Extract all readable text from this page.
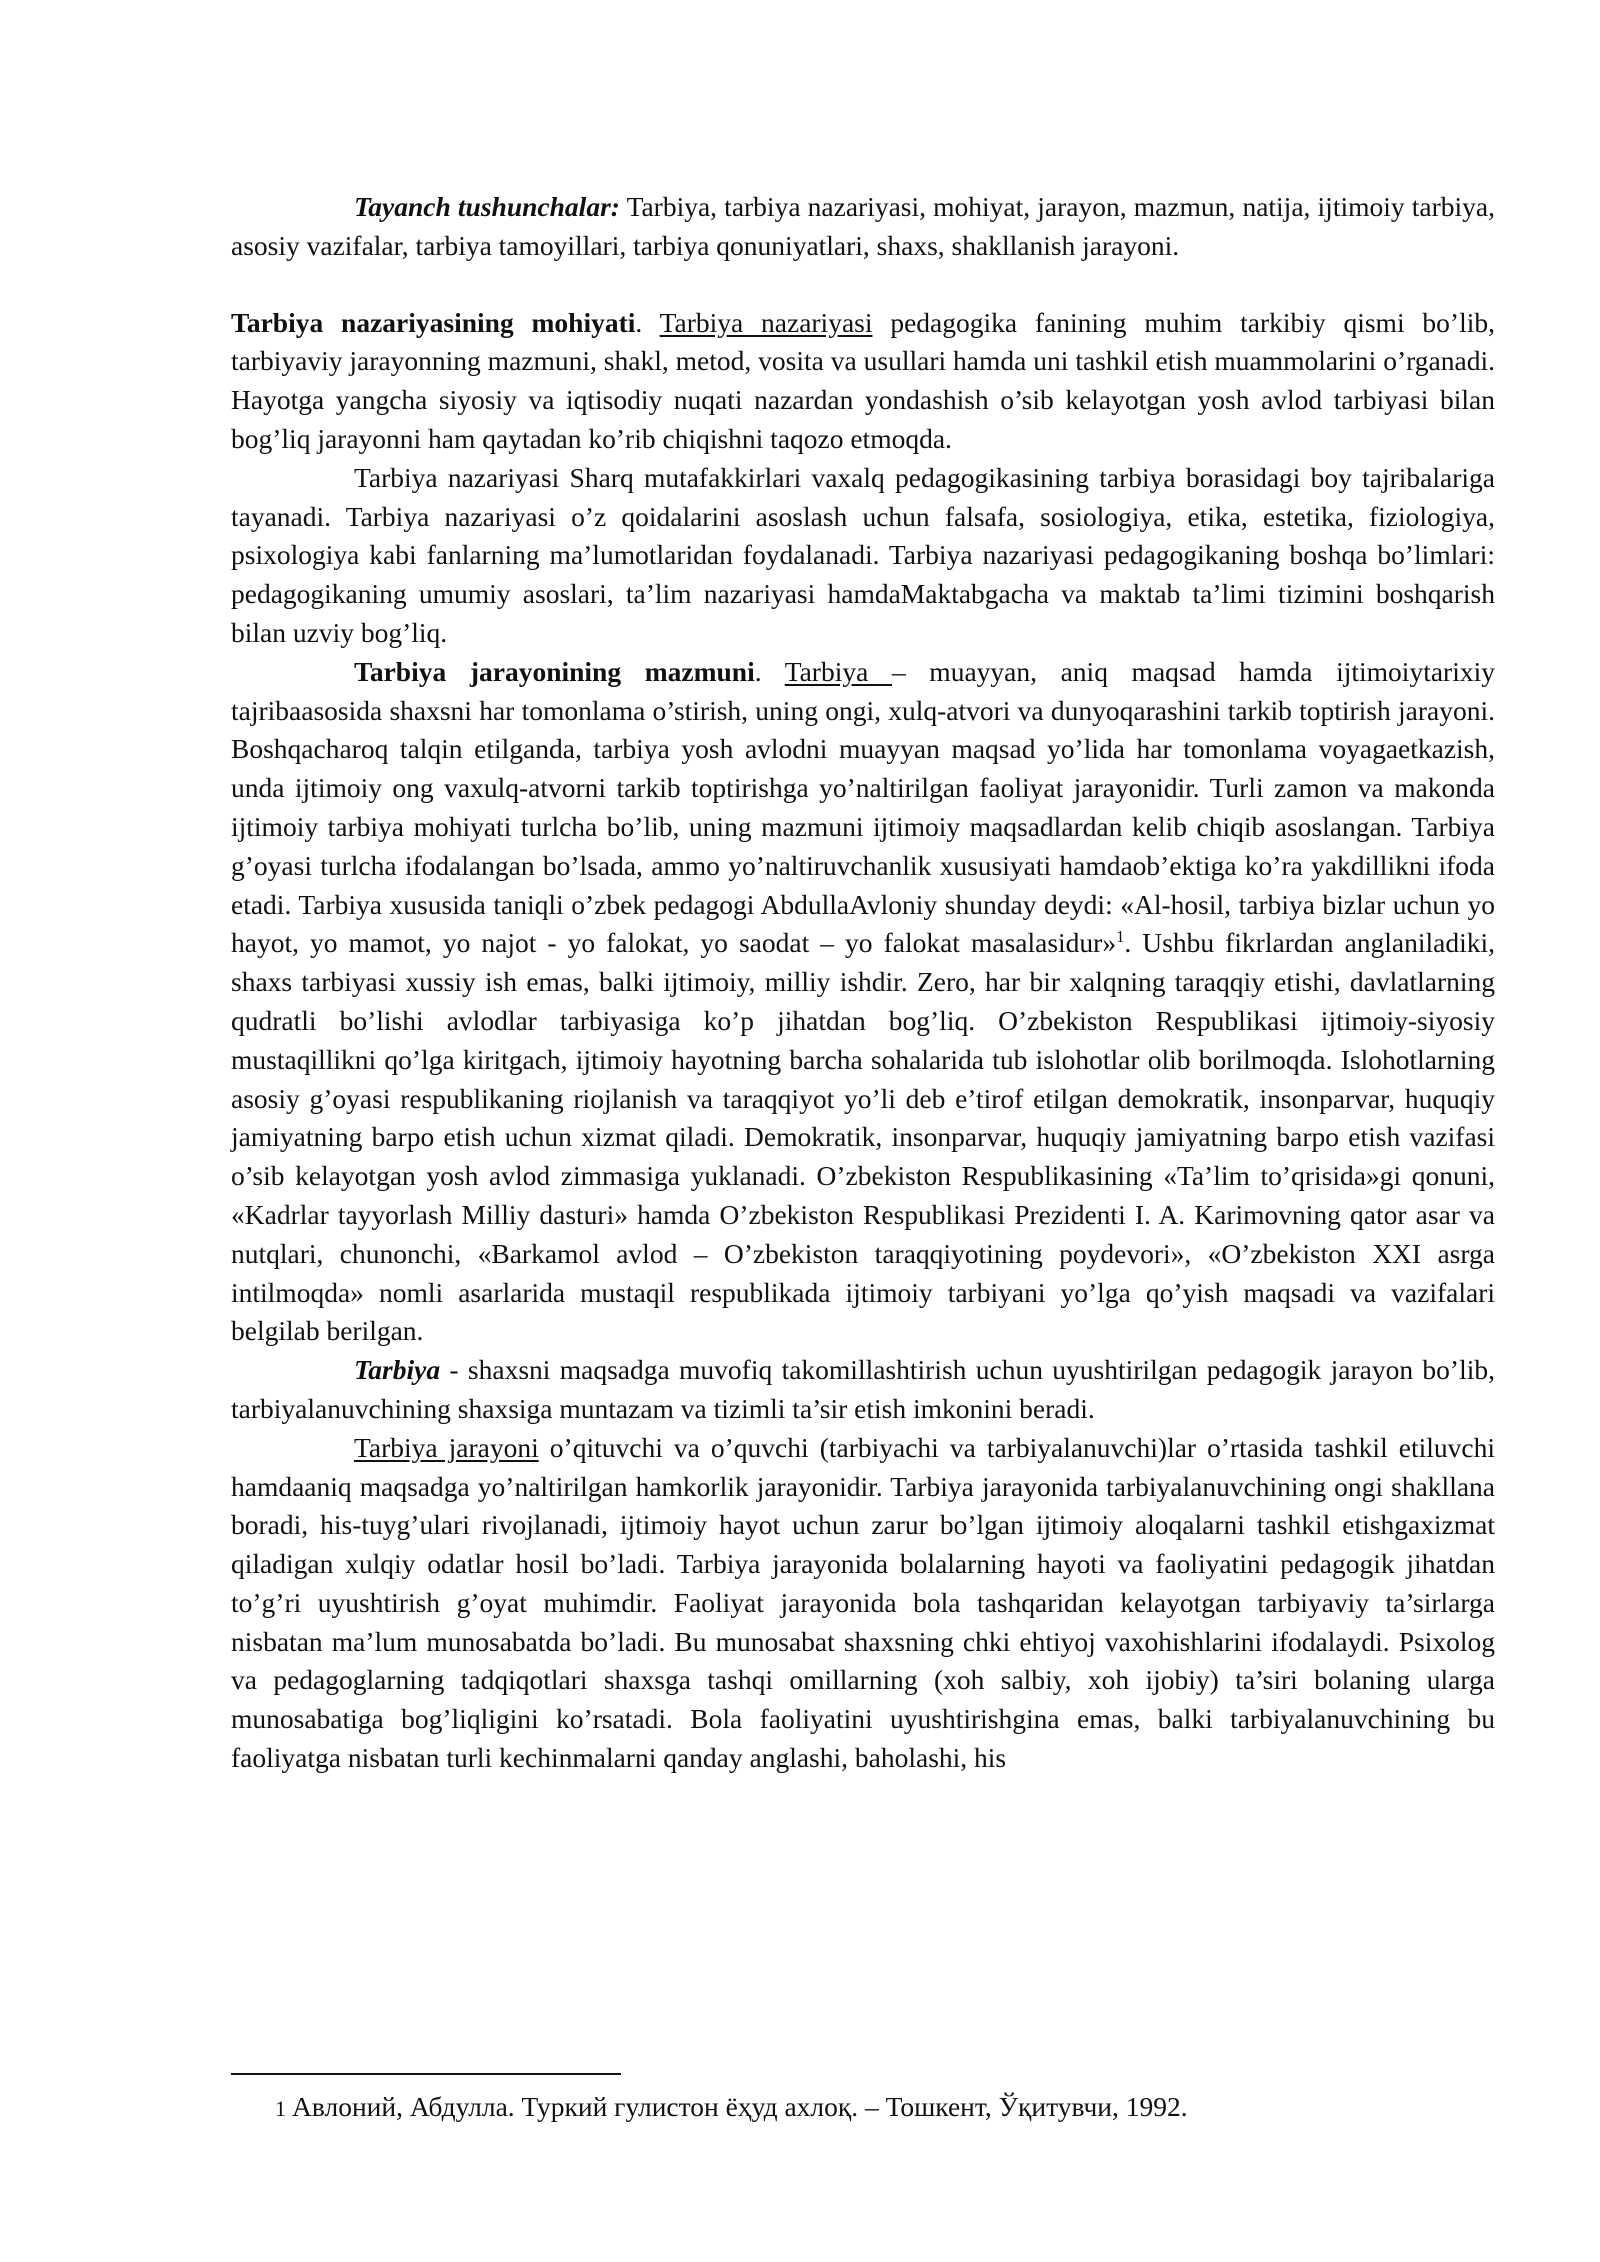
Tayanch tushunchalar: Tarbiya, tarbiya nazariyasi, mohiyat, jarayon, mazmun, natija, ijtimoiy tarbiya, asosiy vazifalar, tarbiya tamoyillari, tarbiya qonuniyatlari, shaxs, shakllanish jarayoni.

Tarbiya nazariyasining mohiyati. Tarbiya nazariyasi pedagogika fanining muhim tarkibiy qismi bo’lib, tarbiyaviy jarayonning mazmuni, shakl, metod, vosita va usullari hamda uni tashkil etish muammolarini o’rganadi. Hayotga yangcha siyosiy va iqtisodiy nuqati nazardan yondashish o’sib kelayotgan yosh avlod tarbiyasi bilan bog’liq jarayonni ham qaytadan ko’rib chiqishni taqozo etmoqda.

Tarbiya nazariyasi Sharq mutafakkirlari vaxalq pedagogikasining tarbiya borasidagi boy tajribalariga tayanadi. Tarbiya nazariyasi o’z qoidalarini asoslash uchun falsafa, sosiologiya, etika, estetika, fiziologiya, psixologiya kabi fanlarning ma’lumotlaridan foydalanadi. Tarbiya nazariyasi pedagogikaning boshqa bo’limlari: pedagogikaning umumiy asoslari, ta’lim nazariyasi hamdaMaktabgacha va maktab ta’limi tizimini boshqarish bilan uzviy bog’liq.

Tarbiya jarayonining mazmuni. Tarbiya – muayyan, aniq maqsad hamda ijtimoiytarixiy tajribaasosida shaxsni har tomonlama o’stirish, uning ongi, xulq-atvori va dunyoqarashini tarkib toptirish jarayoni. Boshqacharoq talqin etilganda, tarbiya yosh avlodni muayyan maqsad yo’lida har tomonlama voyagaetkazish, unda ijtimoiy ong vaxulq-atvorni tarkib toptirishga yo’naltirilgan faoliyat jarayonidir. Turli zamon va makonda ijtimoiy tarbiya mohiyati turlcha bo’lib, uning mazmuni ijtimoiy maqsadlardan kelib chiqib asoslangan. Tarbiya g’oyasi turlcha ifodalangan bo’lsada, ammo yo’naltiruvchanlik xususiyati hamdaob’ektiga ko’ra yakdillikni ifoda etadi. Tarbiya xususida taniqli o’zbek pedagogi AbdullaAvloniy shunday deydi: «Al-hosil, tarbiya bizlar uchun yo hayot, yo mamot, yo najot - yo falokat, yo saodat – yo falokat masalasidur»$^1$. Ushbu fikrlardan anglaniladiki, shaxs tarbiyasi xussiy ish emas, balki ijtimoiy, milliy ishdir. Zero, har bir xalqning taraqqiy etishi, davlatlarning qudratli bo’lishi avlodlar tarbiyasiga ko’p jihatdan bog’liq. O’zbekiston Respublikasi ijtimoiy-siyosiy mustaqillikni qo’lga kiritgach, ijtimoiy hayotning barcha sohalarida tub islohotlar olib borilmoqda. Islohotlarning asosiy g’oyasi respublikaning riojlanish va taraqqiyot yo’li deb e’tirof etilgan demokratik, insonparvar, huquqiy jamiyatning barpo etish uchun xizmat qiladi. Demokratik, insonparvar, huquqiy jamiyatning barpo etish vazifasi o’sib kelayotgan yosh avlod zimmasiga yuklanadi. O’zbekiston Respublikasining «Ta’lim to’qrisida»gi qonuni, «Kadrlar tayyorlash Milliy dasturi» hamda O’zbekiston Respublikasi Prezidenti I. A. Karimovning qator asar va nutqlari, chunonchi, «Barkamol avlod – O’zbekiston taraqqiyotining poydevori», «O’zbekiston XXI asrga intilmoqda» nomli asarlarida mustaqil respublikada ijtimoiy tarbiyani yo’lga qo’yish maqsadi va vazifalari belgilab berilgan.

Tarbiya - shaxsni maqsadga muvofiq takomillashtirish uchun uyushtirilgan pedagogik jarayon bo’lib, tarbiyalanuvchining shaxsiga muntazam va tizimli ta’sir etish imkonini beradi.

Tarbiya jarayoni o’qituvchi va o’quvchi (tarbiyachi va tarbiyalanuvchi)lar o’rtasida tashkil etiluvchi hamdaaniq maqsadga yo’naltirilgan hamkorlik jarayonidir. Tarbiya jarayonida tarbiyalanuvchining ongi shakllana boradi, his-tuyg’ulari rivojlanadi, ijtimoiy hayot uchun zarur bo’lgan ijtimoiy aloqalarni tashkil etishgaxizmat qiladigan xulqiy odatlar hosil bo’ladi. Tarbiya jarayonida bolalarning hayoti va faoliyatini pedagogik jihatdan to’g’ri uyushtirish g’oyat muhimdir. Faoliyat jarayonida bola tashqaridan kelayotgan tarbiyaviy ta’sirlarga nisbatan ma’lum munosabatda bo’ladi. Bu munosabat shaxsning chki ehtiyoj vaxohishlarini ifodalaydi. Psixolog va pedagoglarning tadqiqotlari shaxsga tashqi omillarning (xoh salbiy, xoh ijobiy) ta’siri bolaning ularga munosabatiga bog’liqligini ko’rsatadi. Bola faoliyatini uyushtirishgina emas, balki tarbiyalanuvchining bu faoliyatga nisbatan turli kechinmalarni qanday anglashi, baholashi, his

1 Авлоний, Абдулла. Туркий гулистон ёҳуд ахлоқ. – Тошкент, Ўқитувчи, 1992.
